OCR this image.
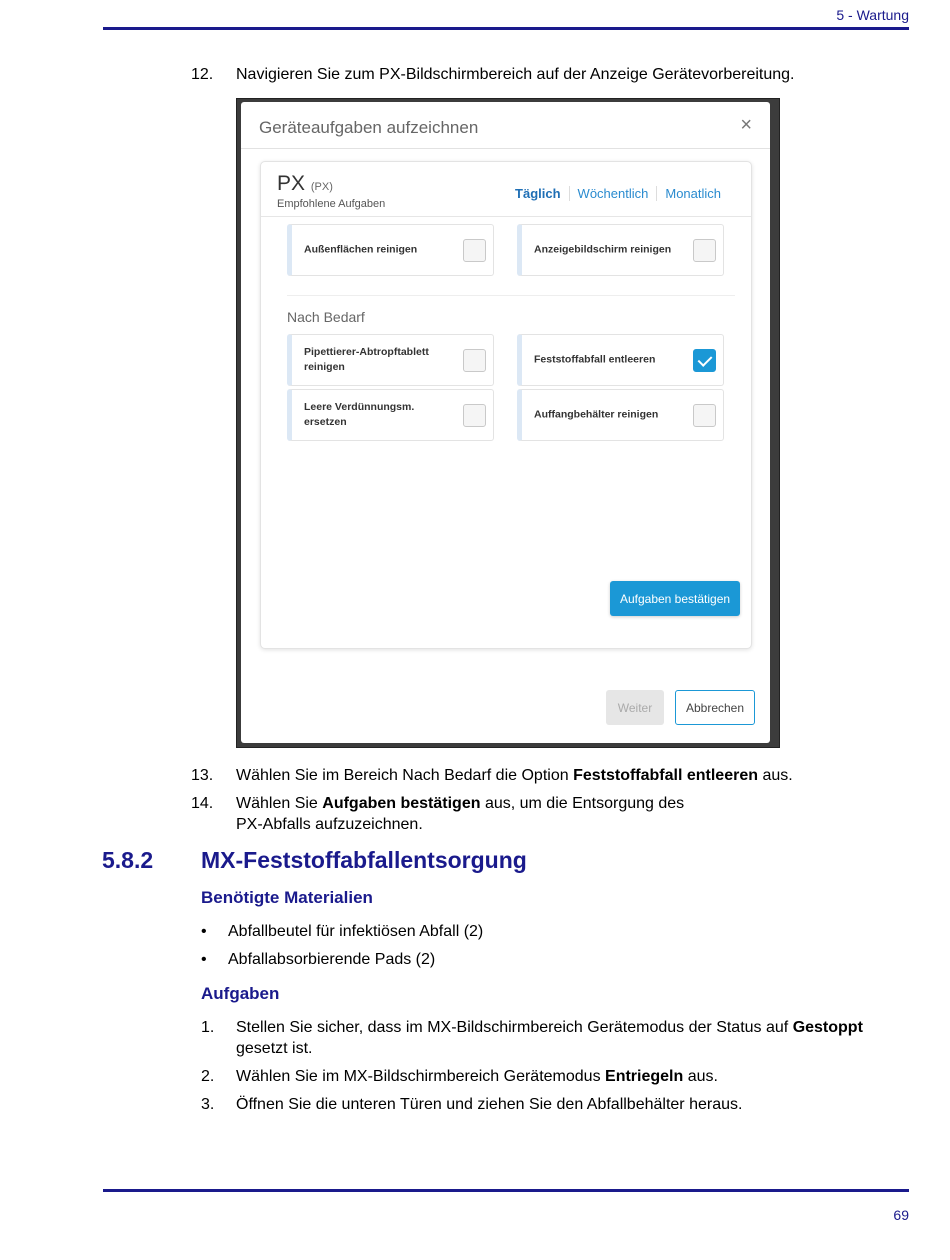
5 - Wartung
12. Navigieren Sie zum PX-Bildschirmbereich auf der Anzeige Gerätevorbereitung.
Geräteaufgaben aufzeichnen	×
PX (PX)
Empfohlene Aufgaben
Täglich	Wöchentlich	Monatlich
Außenflächen reinigen	Anzeigebildschirm reinigen
Nach Bedarf
Pipettierer-Abtropftablett reinigen
Feststoffabfall entleeren
Leere Verdünnungsm. ersetzen
Auffangbehälter reinigen
Aufgaben bestätigen
Weiter	Abbrechen
13. Wählen Sie im Bereich Nach Bedarf die Option Feststoffabfall entleeren aus.
14. Wählen Sie Aufgaben bestätigen aus, um die Entsorgung des
PX-Abfalls aufzuzeichnen.
5.8.2 MX-Feststoffabfallentsorgung
Benötigte Materialien
• Abfallbeutel für infektiösen Abfall (2)
• Abfallabsorbierende Pads (2)
Aufgaben
1. Stellen Sie sicher, dass im MX-Bildschirmbereich Gerätemodus der Status auf Gestoppt
gesetzt ist.
2. Wählen Sie im MX-Bildschirmbereich Gerätemodus Entriegeln aus.
3. Öffnen Sie die unteren Türen und ziehen Sie den Abfallbehälter heraus.
69
